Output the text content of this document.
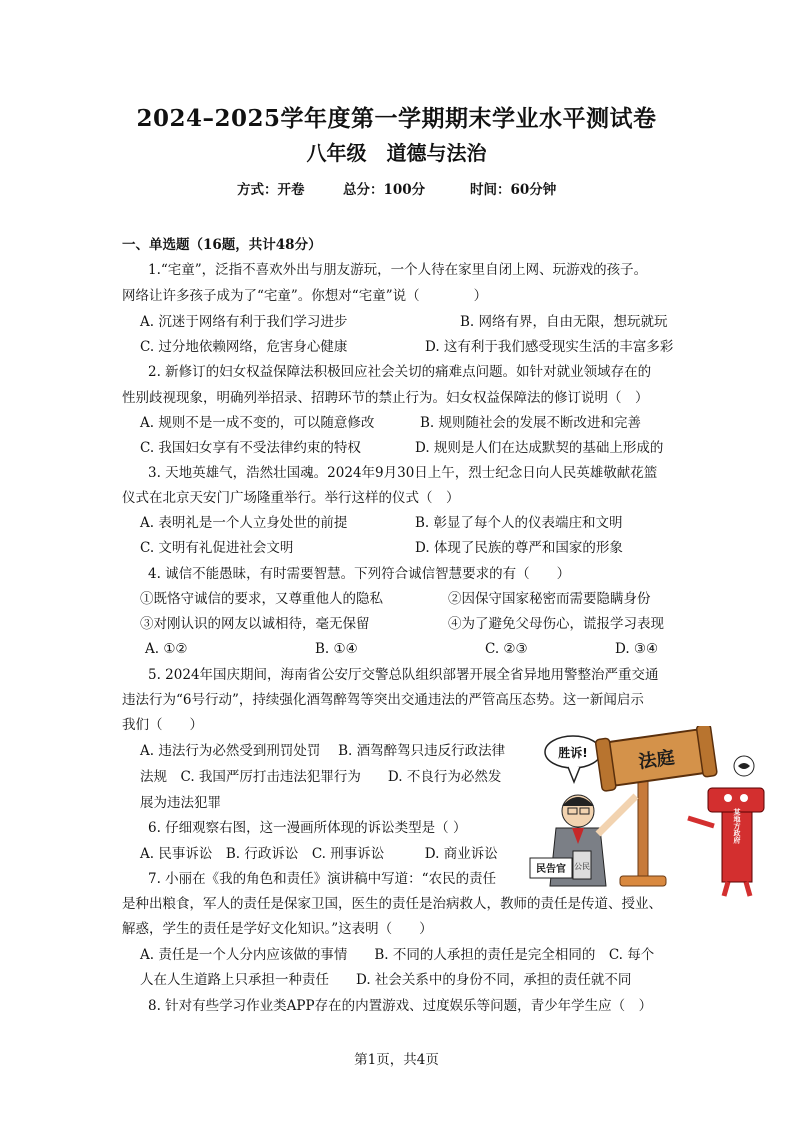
2024–2025学年度第一学期期末学业水平测试卷
八年级　道德与法治
方式：开卷	总分：100分	时间：60分钟
一、单选题（16题，共计48分）
1.“宅童”，泛指不喜欢外出与朋友游玩，一个人待在家里自闭上网、玩游戏的孩子。
网络让许多孩子成为了“宅童”。你想对“宅童”说（　　　　）
A. 沉迷于网络有利于我们学习进步	B. 网络有界，自由无限，想玩就玩
C. 过分地依赖网络，危害身心健康	D. 这有利于我们感受现实生活的丰富多彩
2. 新修订的妇女权益保障法积极回应社会关切的痛难点问题。如针对就业领域存在的
性别歧视现象，明确列举招录、招聘环节的禁止行为。妇女权益保障法的修订说明（　）
A. 规则不是一成不变的，可以随意修改	B. 规则随社会的发展不断改进和完善
C. 我国妇女享有不受法律约束的特权	D. 规则是人们在达成默契的基础上形成的
3. 天地英雄气，浩然壮国魂。2024年9月30日上午，烈士纪念日向人民英雄敬献花篮
仪式在北京天安门广场隆重举行。举行这样的仪式（　）
A. 表明礼是一个人立身处世的前提	B. 彰显了每个人的仪表端庄和文明
C. 文明有礼促进社会文明	D. 体现了民族的尊严和国家的形象
4. 诚信不能愚昧，有时需要智慧。下列符合诚信智慧要求的有（　　）
①既恪守诚信的要求，又尊重他人的隐私	②因保守国家秘密而需要隐瞒身份
③对刚认识的网友以诚相待，毫无保留	④为了避免父母伤心，谎报学习表现
A. ①②	B. ①④	C. ②③	D. ③④
5. 2024年国庆期间，海南省公安厅交警总队组织部署开展全省异地用警整治严重交通
违法行为“6号行动”，持续强化酒驾醉驾等突出交通违法的严管高压态势。这一新闻启示
我们（　　）
A. 违法行为必然受到刑罚处罚　 B. 酒驾醉驾只违反行政法律
法规　C. 我国严厉打击违法犯罪行为　　D. 不良行为必然发
展为违法犯罪
6. 仔细观察右图，这一漫画所体现的诉讼类型是（ ）
A. 民事诉讼　B. 行政诉讼　C. 刑事诉讼　　　D. 商业诉讼
7. 小丽在《我的角色和责任》演讲稿中写道：“农民的责任
是种出粮食，军人的责任是保家卫国，医生的责任是治病救人，教师的责任是传道、授业、
解惑，学生的责任是学好文化知识。”这表明（　　）
A. 责任是一个人分内应该做的事情　　B. 不同的人承担的责任是完全相同的　C. 每个
人在人生道路上只承担一种责任　　D. 社会关系中的身份不同，承担的责任就不同
8. 针对有些学习作业类APP存在的内置游戏、过度娱乐等问题，青少年学生应（　）
胜诉!	法庭
公民
民告官
某地方政府
第1页，共4页
